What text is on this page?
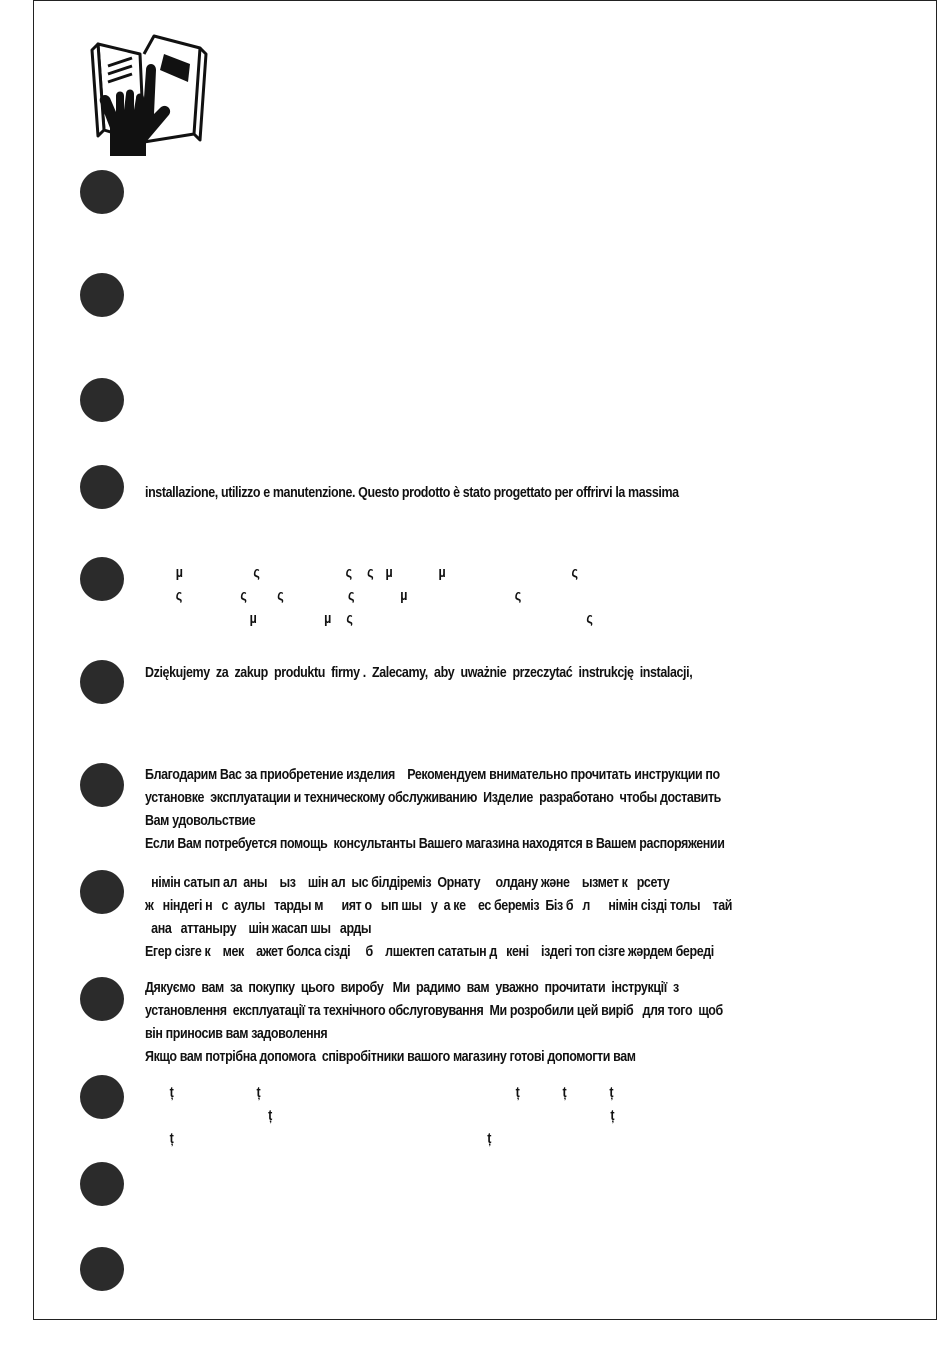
installazione, utilizzo e manutenzione. Questo prodotto è stato progettato per offrirvi la massima
µ                       ς                            ς     ς    µ               µ                                         ς
ς                   ς          ς                     ς               µ                                   ς
µ                      µ     ς                                                                            ς
Dziękujemy  za  zakup  produktu  firmy .  Zalecamy,  aby  uważnie  przeczytać  instrukcję  instalacji,
Благодарим Вас за приобретение изделия    Рекомендуем внимательно прочитать инструкции по
установке  эксплуатации и техническому обслуживанию  Изделие  разработано  чтобы доставить
Вам удовольствие
Если Вам потребуется помощь  консультанты Вашего магазина находятся в Вашем распоряжении
німін сатып ал  аны    ыз    шін ал  ыс білдіреміз  Орнату     олдану және    ызмет к   рсету
ж   ніндегі н   с  аулы   тарды м      ият о   ып шы   у  а ке    ес береміз  Біз б   л      німін сізді толы    тай
ана   аттаныру    шін жасап шы   арды
Егер сізге к    мек    ажет болса сізді     б    лшектеп сататын д   кені    іздегі топ сізге жәрдем береді
Дякуємо  вам  за  покупку  цього  виробу   Ми  радимо  вам  уважно  прочитати  інструкції  з
установлення  експлуатації та технічного обслуговування  Ми розробили цей виріб   для того  щоб
він приносив вам задоволення
Якщо вам потрібна допомога  співробітники вашого магазину готові допомогти вам
ț                           ț                                                                                   ț              ț              ț
ț                                                                                                              ț
ț                                                                                                      ț
